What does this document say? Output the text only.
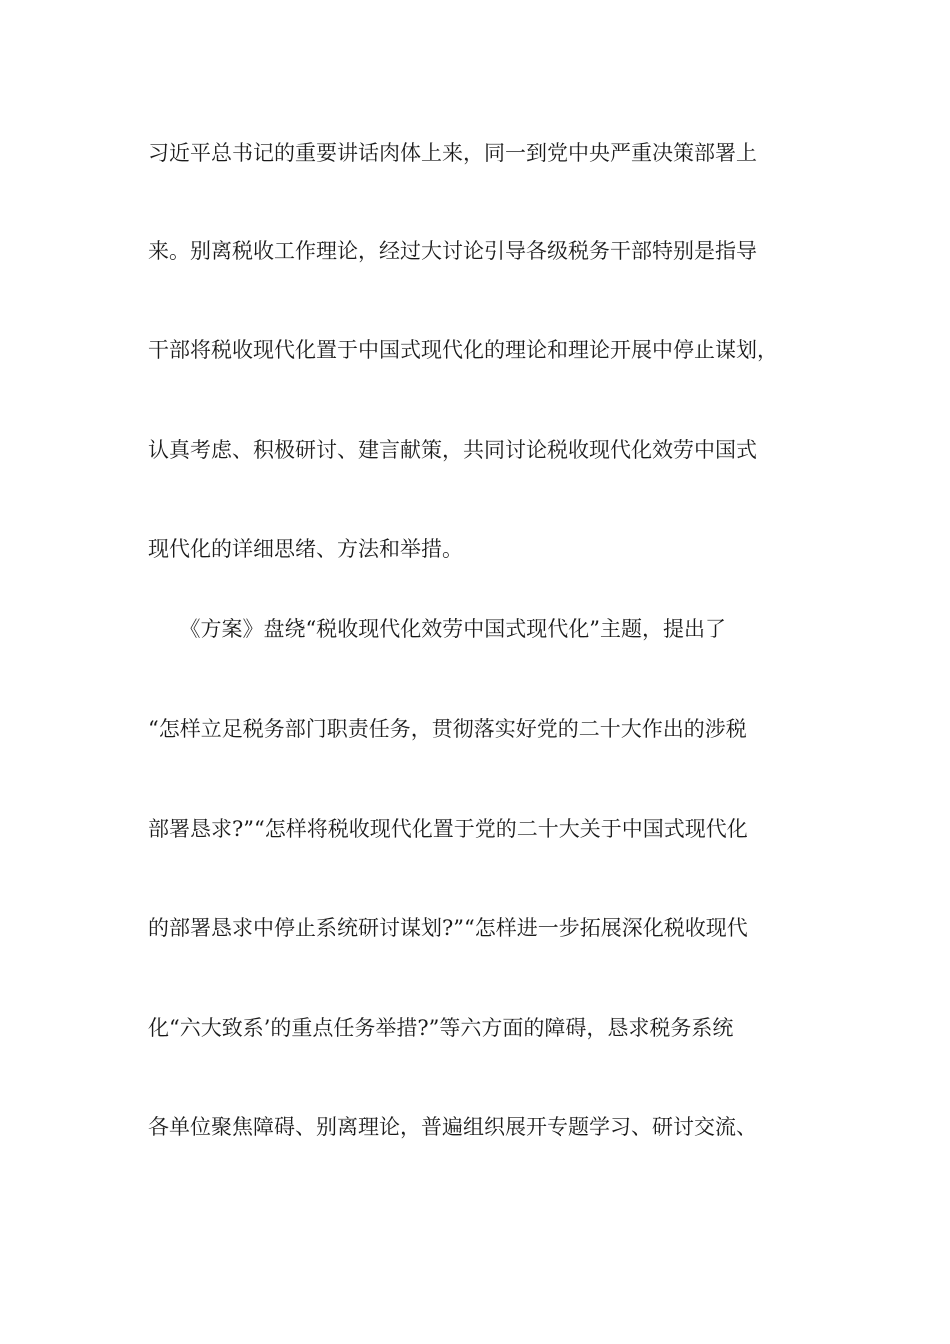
习近平总书记的重要讲话肉体上来，同一到党中央严重决策部署上
来。别离税收工作理论，经过大讨论引导各级税务干部特别是指导
干部将税收现代化置于中国式现代化的理论和理论开展中停止谋划，
认真考虑、积极研讨、建言献策，共同讨论税收现代化效劳中国式
现代化的详细思绪、方法和举措。
　　《方案》盘绕“税收现代化效劳中国式现代化”主题，提出了
“怎样立足税务部门职责任务，贯彻落实好党的二十大作出的涉税
部署恳求?”“怎样将税收现代化置于党的二十大关于中国式现代化
的部署恳求中停止系统研讨谋划?”“怎样进一步拓展深化税收现代
化“六大致系’的重点任务举措?”等六方面的障碍，恳求税务系统
各单位聚焦障碍、别离理论，普遍组织展开专题学习、研讨交流、
